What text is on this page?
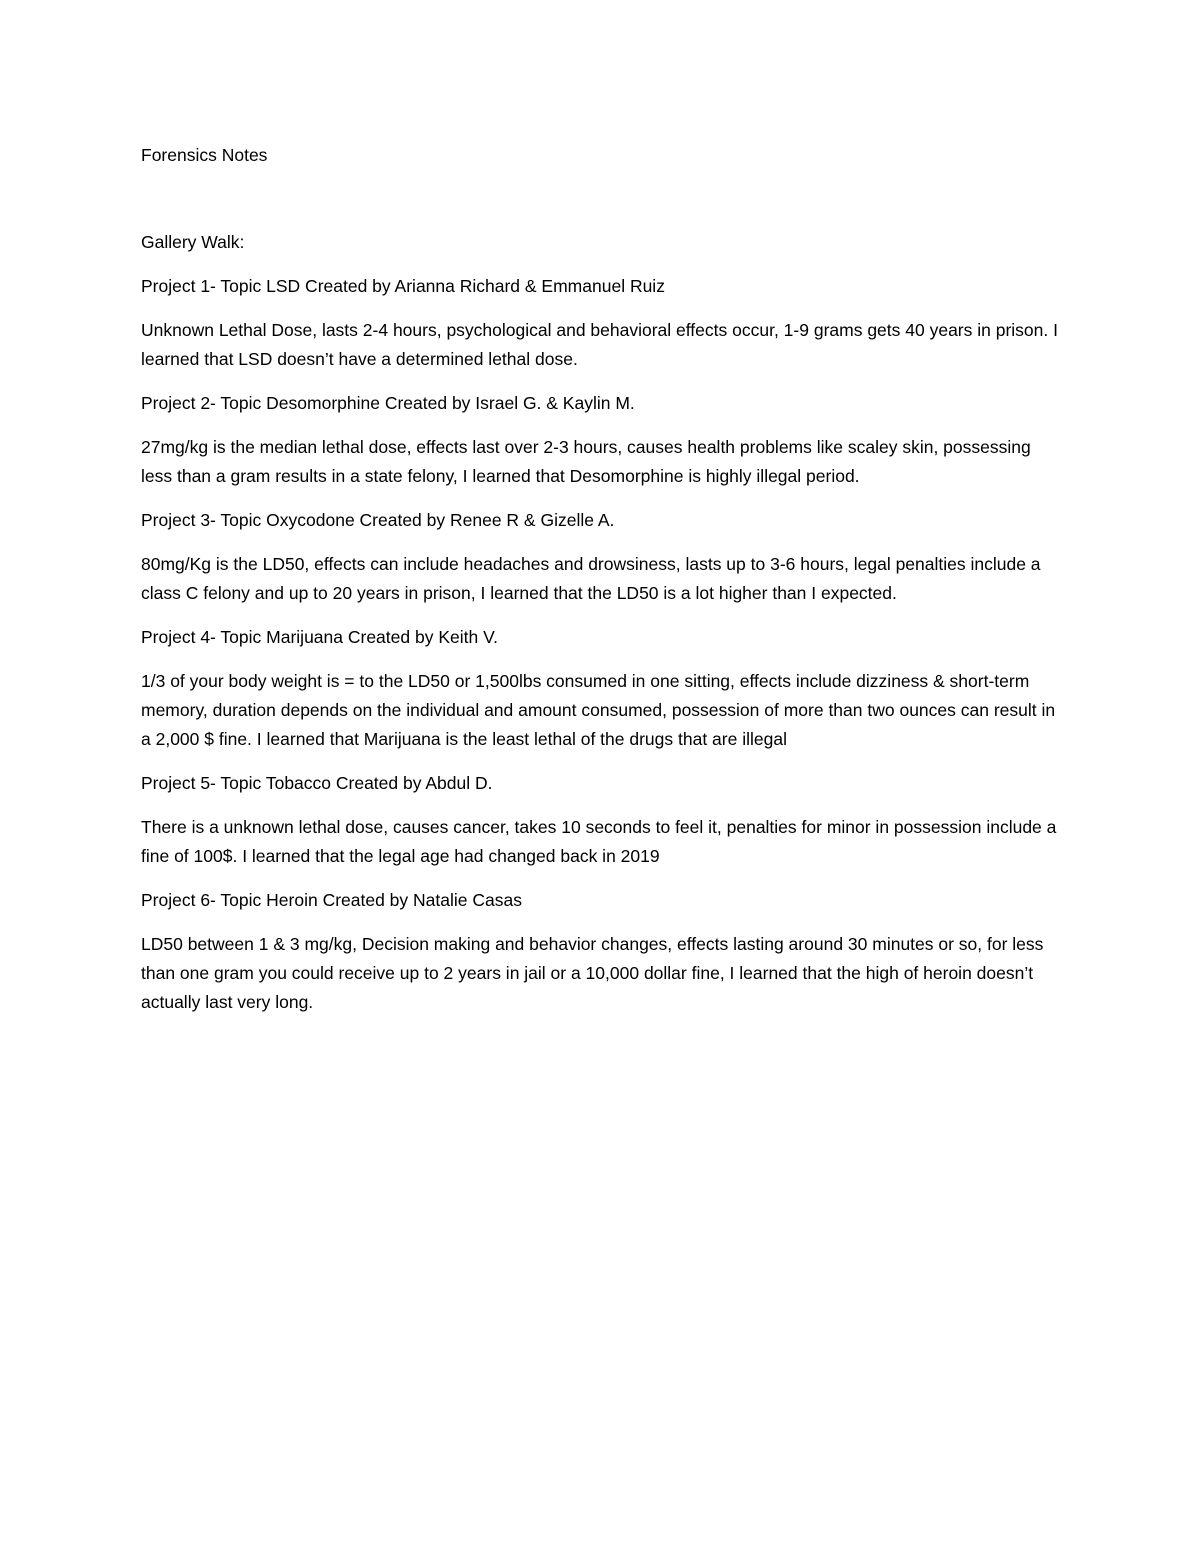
Forensics Notes
Gallery Walk:

Project 1- Topic LSD Created by Arianna Richard & Emmanuel Ruiz

Unknown Lethal Dose, lasts 2-4 hours, psychological and behavioral effects occur, 1-9 grams gets 40 years in prison. I learned that LSD doesn’t have a determined lethal dose.

Project 2- Topic Desomorphine Created by Israel G. & Kaylin M.

27mg/kg is the median lethal dose, effects last over 2-3 hours, causes health problems like scaley skin, possessing less than a gram results in a state felony, I learned that Desomorphine is highly illegal period.

Project 3- Topic Oxycodone Created by Renee R & Gizelle A.

80mg/Kg is the LD50, effects can include headaches and drowsiness, lasts up to 3-6 hours, legal penalties include a class C felony and up to 20 years in prison, I learned that the LD50 is a lot higher than I expected.

Project 4- Topic Marijuana Created by Keith V.

1/3 of your body weight is = to the LD50 or 1,500lbs consumed in one sitting, effects include dizziness & short-term memory, duration depends on the individual and amount consumed, possession of more than two ounces can result in a 2,000 $ fine. I learned that Marijuana is the least lethal of the drugs that are illegal

Project 5- Topic Tobacco Created by Abdul D.

There is a unknown lethal dose, causes cancer, takes 10 seconds to feel it, penalties for minor in possession include a fine of 100$. I learned that the legal age had changed back in 2019

Project 6- Topic Heroin Created by Natalie Casas

LD50 between 1 & 3 mg/kg, Decision making and behavior changes, effects lasting around 30 minutes or so, for less than one gram you could receive up to 2 years in jail or a 10,000 dollar fine, I learned that the high of heroin doesn’t actually last very long.
